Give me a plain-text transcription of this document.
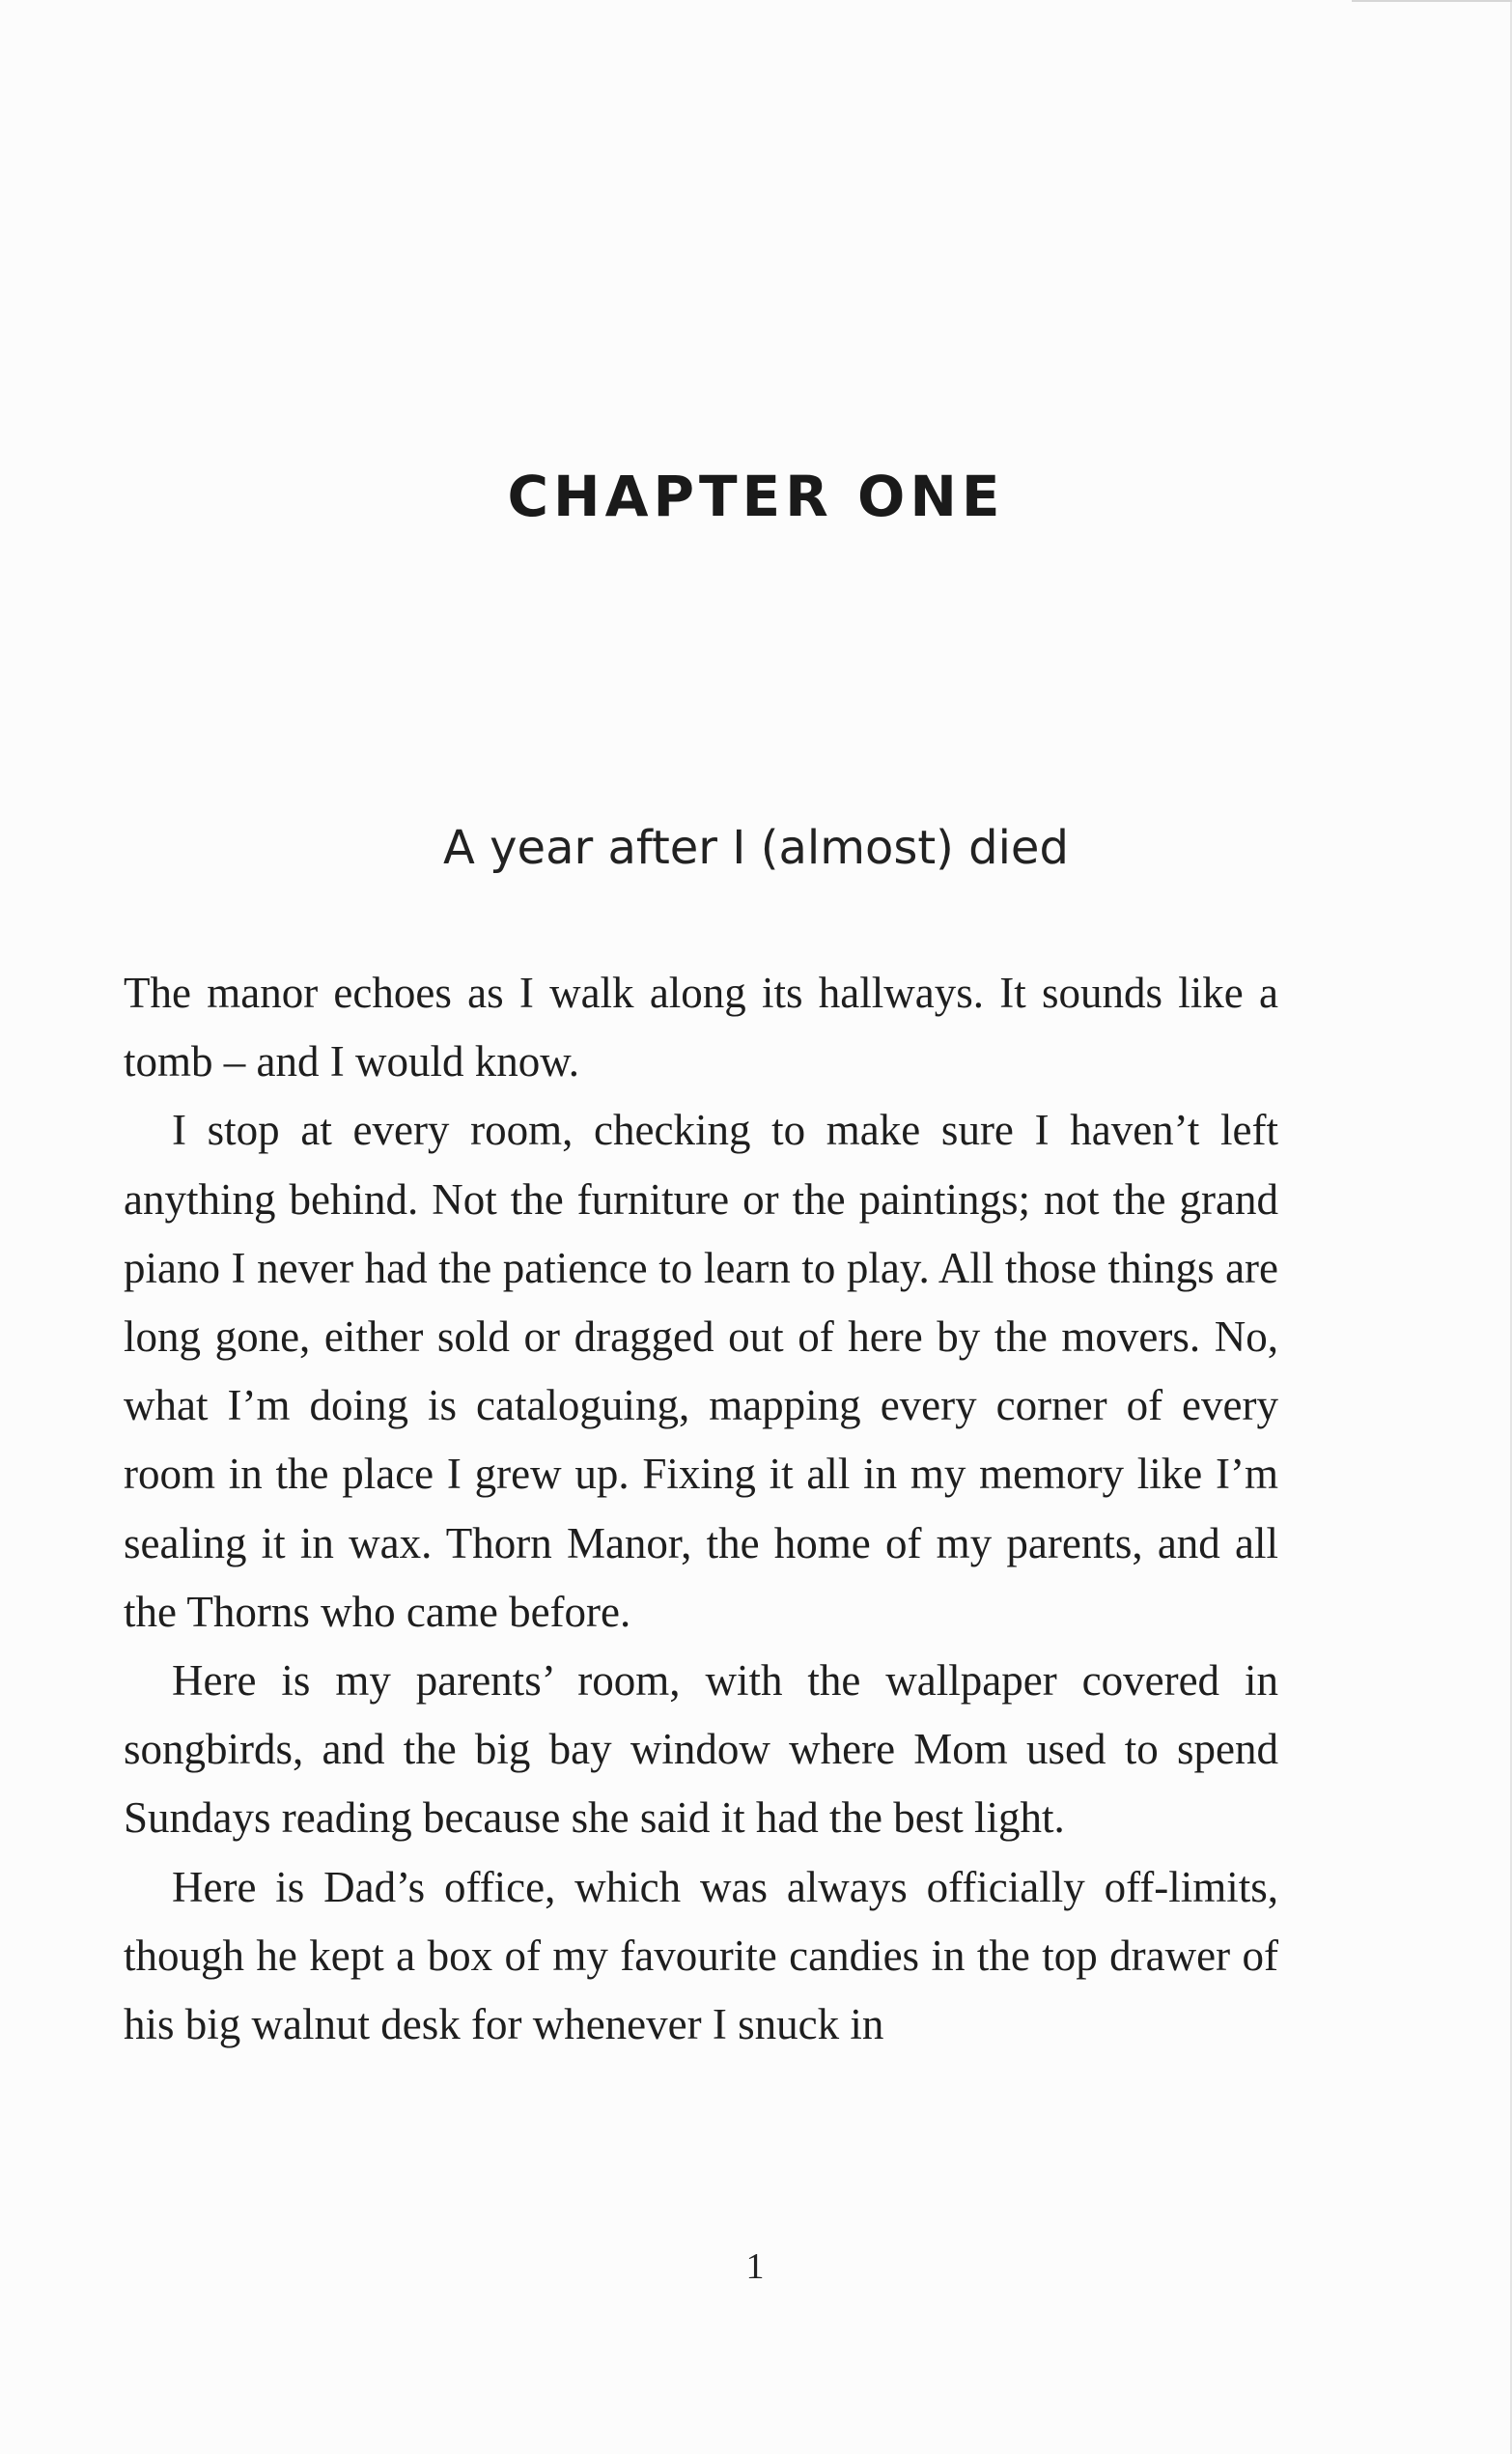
CHAPTER ONE
A year after I (almost) died

The manor echoes as I walk along its hallways. It sounds like a tomb – and I would know.

I stop at every room, checking to make sure I haven’t left anything behind. Not the furniture or the paintings; not the grand piano I never had the patience to learn to play. All those things are long gone, either sold or dragged out of here by the movers. No, what I’m doing is cataloguing, mapping every corner of every room in the place I grew up. Fixing it all in my memory like I’m sealing it in wax. Thorn Manor, the home of my parents, and all the Thorns who came before.

Here is my parents’ room, with the wallpaper covered in songbirds, and the big bay window where Mom used to spend Sundays reading because she said it had the best light.

Here is Dad’s office, which was always officially off-limits, though he kept a box of my favourite candies in the top drawer of his big walnut desk for whenever I snuck in

1
